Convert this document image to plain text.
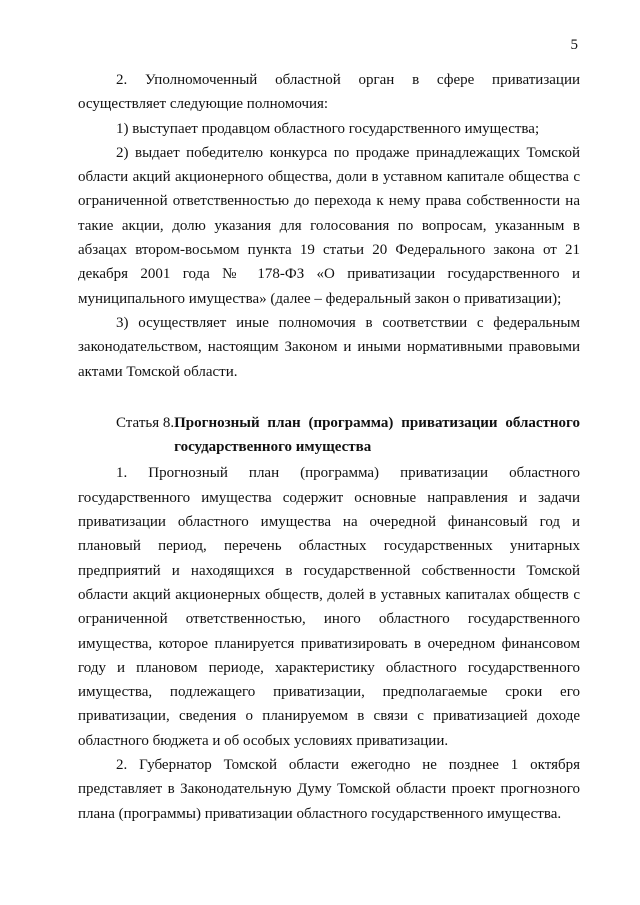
5

2. Уполномоченный областной орган в сфере приватизации осуществляет следующие полномочия:

1) выступает продавцом областного государственного имущества;

2) выдает победителю конкурса по продаже принадлежащих Томской области акций акционерного общества, доли в уставном капитале общества с ограниченной ответственностью до перехода к нему права собственности на такие акции, долю указания для голосования по вопросам, указанным в абзацах втором-восьмом пункта 19 статьи 20 Федерального закона от 21 декабря 2001 года № 178-ФЗ «О приватизации государственного и муниципального имущества» (далее – федеральный закон о приватизации);

3) осуществляет иные полномочия в соответствии с федеральным законодательством, настоящим Законом и иными нормативными правовыми актами Томской области.

Статья 8. Прогнозный план (программа) приватизации областного государственного имущества

1. Прогнозный план (программа) приватизации областного государственного имущества содержит основные направления и задачи приватизации областного имущества на очередной финансовый год и плановый период, перечень областных государственных унитарных предприятий и находящихся в государственной собственности Томской области акций акционерных обществ, долей в уставных капиталах обществ с ограниченной ответственностью, иного областного государственного имущества, которое планируется приватизировать в очередном финансовом году и плановом периоде, характеристику областного государственного имущества, подлежащего приватизации, предполагаемые сроки его приватизации, сведения о планируемом в связи с приватизацией доходе областного бюджета и об особых условиях приватизации.

2. Губернатор Томской области ежегодно не позднее 1 октября представляет в Законодательную Думу Томской области проект прогнозного плана (программы) приватизации областного государственного имущества.
